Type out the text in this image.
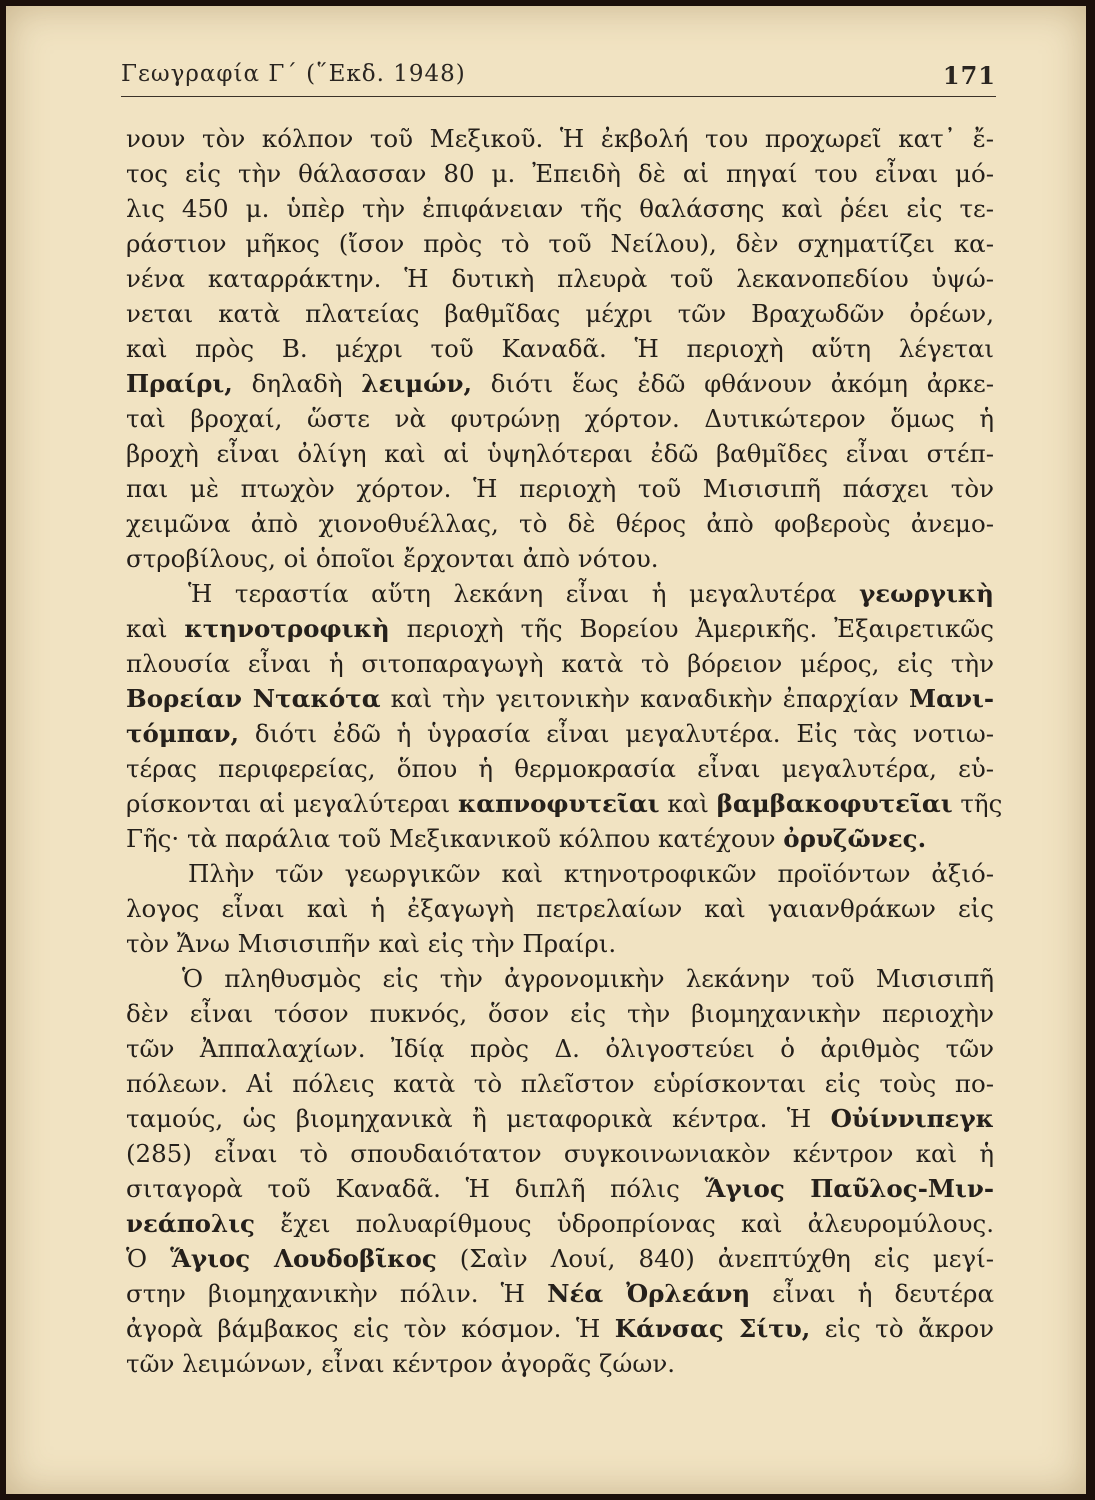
Γεωγραφία Γ΄ (῞Εκδ. 1948)	171
νουν τὸν κόλπον τοῦ Μεξικοῦ. Ἡ ἐκβολή του προχωρεῖ κατ᾿ ἔ-
τος εἰς τὴν θάλασσαν 80 μ. Ἐπειδὴ δὲ αἱ πηγαί του εἶναι μό-
λις 450 μ. ὑπὲρ τὴν ἐπιφάνειαν τῆς θαλάσσης καὶ ῥέει εἰς τε-
ράστιον μῆκος (ἴσον πρὸς τὸ τοῦ Νείλου), δὲν σχηματίζει κα-
νένα καταρράκτην. Ἡ δυτικὴ πλευρὰ τοῦ λεκανοπεδίου ὑψώ-
νεται κατὰ πλατείας βαθμῖδας μέχρι τῶν Βραχωδῶν ὀρέων,
καὶ πρὸς Β. μέχρι τοῦ Καναδᾶ. Ἡ περιοχὴ αὕτη λέγεται
Πραίρι, δηλαδὴ λειμών, διότι ἕως ἐδῶ φθάνουν ἀκόμη ἀρκε-
ταὶ βροχαί, ὥστε νὰ φυτρώνῃ χόρτον. Δυτικώτερον ὅμως ἡ
βροχὴ εἶναι ὀλίγη καὶ αἱ ὑψηλότεραι ἐδῶ βαθμῖδες εἶναι στέπ-
παι μὲ πτωχὸν χόρτον. Ἡ περιοχὴ τοῦ Μισισιπῆ πάσχει τὸν
χειμῶνα ἀπὸ χιονοθυέλλας, τὸ δὲ θέρος ἀπὸ φοβεροὺς ἀνεμο-
στροβίλους, οἱ ὁποῖοι ἔρχονται ἀπὸ νότου.
Ἡ τεραστία αὕτη λεκάνη εἶναι ἡ μεγαλυτέρα γεωργικὴ
καὶ κτηνοτροφικὴ περιοχὴ τῆς Βορείου Ἀμερικῆς. Ἐξαιρετικῶς
πλουσία εἶναι ἡ σιτοπαραγωγὴ κατὰ τὸ βόρειον μέρος, εἰς τὴν
Βορείαν Ντακότα καὶ τὴν γειτονικὴν καναδικὴν ἐπαρχίαν Μανι-
τόμπαν, διότι ἐδῶ ἡ ὑγρασία εἶναι μεγαλυτέρα. Εἰς τὰς νοτιω-
τέρας περιφερείας, ὅπου ἡ θερμοκρασία εἶναι μεγαλυτέρα, εὑ-
ρίσκονται αἱ μεγαλύτεραι καπνοφυτεῖαι καὶ βαμβακοφυτεῖαι τῆς
Γῆς· τὰ παράλια τοῦ Μεξικανικοῦ κόλπου κατέχουν ὀρυζῶνες.
Πλὴν τῶν γεωργικῶν καὶ κτηνοτροφικῶν προϊόντων ἀξιό-
λογος εἶναι καὶ ἡ ἐξαγωγὴ πετρελαίων καὶ γαιανθράκων εἰς
τὸν Ἄνω Μισισιπῆν καὶ εἰς τὴν Πραίρι.
Ὁ πληθυσμὸς εἰς τὴν ἀγρονομικὴν λεκάνην τοῦ Μισισιπῆ
δὲν εἶναι τόσον πυκνός, ὅσον εἰς τὴν βιομηχανικὴν περιοχὴν
τῶν Ἀππαλαχίων. Ἰδίᾳ πρὸς Δ. ὀλιγοστεύει ὁ ἀριθμὸς τῶν
πόλεων. Αἱ πόλεις κατὰ τὸ πλεῖστον εὑρίσκονται εἰς τοὺς πο-
ταμούς, ὡς βιομηχανικὰ ἢ μεταφορικὰ κέντρα. Ἡ Οὐίννιπεγκ
(285) εἶναι τὸ σπουδαιότατον συγκοινωνιακὸν κέντρον καὶ ἡ
σιταγορὰ τοῦ Καναδᾶ. Ἡ διπλῆ πόλις Ἅγιος Παῦλος-Μιν-
νεάπολις ἔχει πολυαρίθμους ὑδροπρίονας καὶ ἀλευρομύλους.
Ὁ Ἅγιος Λουδοβῖκος (Σαὶν Λουί, 840) ἀνεπτύχθη εἰς μεγί-
στην βιομηχανικὴν πόλιν. Ἡ Νέα Ὀρλεάνη εἶναι ἡ δευτέρα
ἀγορὰ βάμβακος εἰς τὸν κόσμον. Ἡ Κάνσας Σίτυ, εἰς τὸ ἄκρον
τῶν λειμώνων, εἶναι κέντρον ἀγορᾶς ζώων.
